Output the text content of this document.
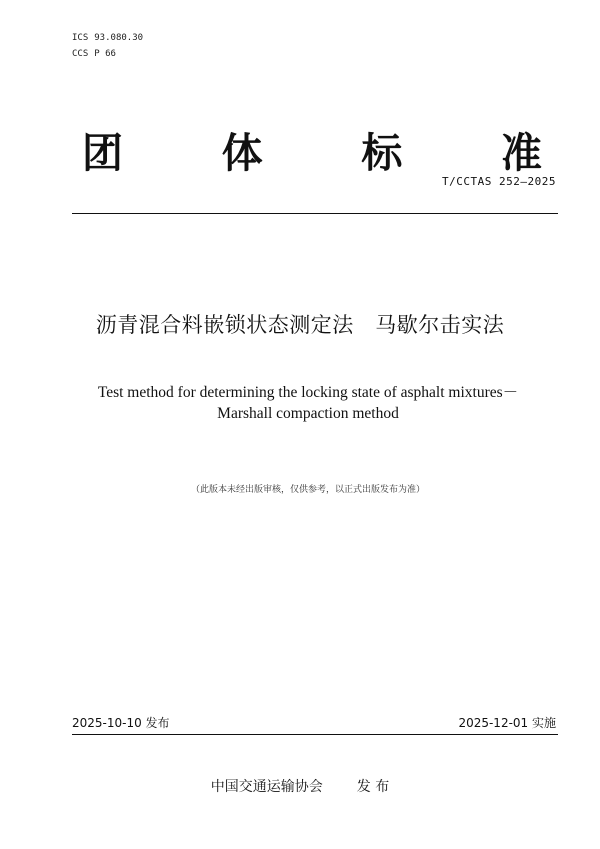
ICS 93.080.30
CCS P 66
团 体 标 准
T/CCTAS 252—2025
沥青混合料嵌锁状态测定法　马歇尔击实法
Test method for determining the locking state of asphalt mixtures－
Marshall compaction method
（此版本未经出版审核，仅供参考，以正式出版发布为准）
2025-10-10 发布	2025-12-01 实施
中国交通运输协会 发 布
